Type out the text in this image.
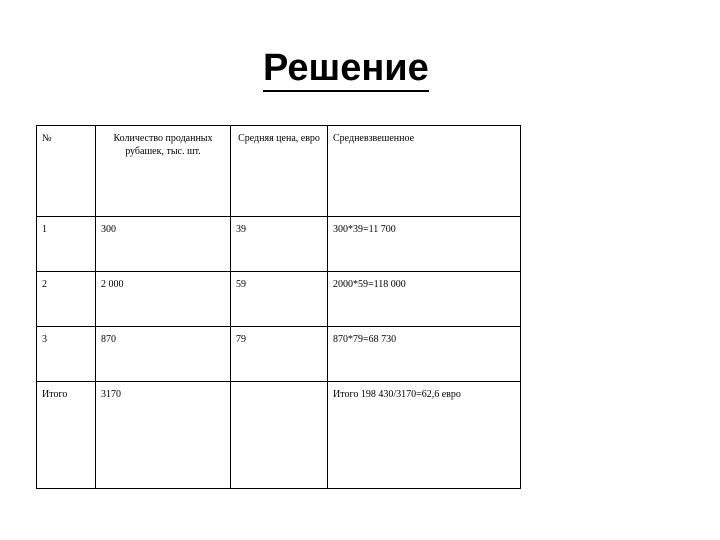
Решение
№	Количество проданных рубашек, тыс. шт.	Средняя цена, евро	Средневзвешенное
1	300	39	300*39=11 700
2	2 000	59	2000*59=118 000
3	870	79	870*79=68 730
Итого	3170		Итого 198 430/3170=62,6 евро
